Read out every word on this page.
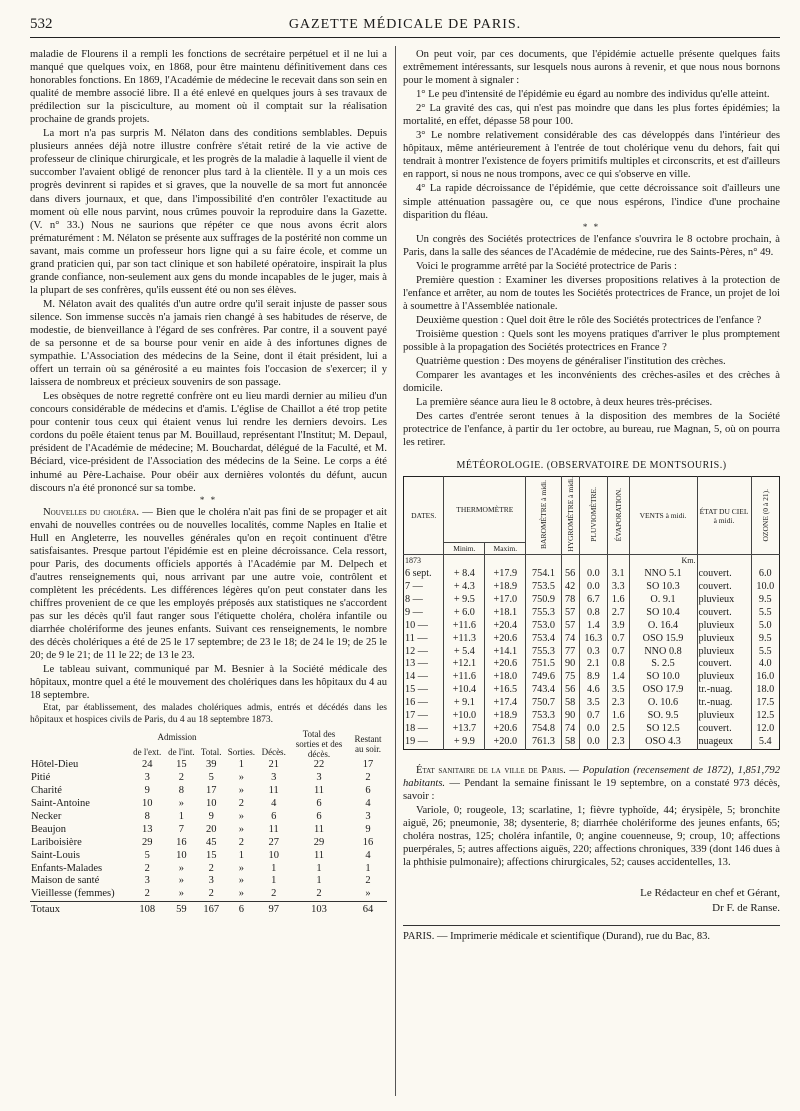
532	GAZETTE MÉDICALE DE PARIS.

maladie de Flourens il a rempli les fonctions de secrétaire perpétuel et il ne lui a manqué que quelques voix, en 1868, pour être maintenu définitivement dans ces honorables fonctions. En 1869, l'Académie de médecine le recevait dans son sein en qualité de membre associé libre. Il a été enlevé en quelques jours à ses travaux de prédilection sur la pisciculture, au moment où il comptait sur la réalisation prochaine de grands projets.

La mort n'a pas surpris M. Nélaton dans des conditions semblables. Depuis plusieurs années déjà notre illustre confrère s'était retiré de la vie active de professeur de clinique chirurgicale, et les progrès de la maladie à laquelle il vient de succomber l'avaient obligé de renoncer plus tard à la clientèle. Il y a un mois ces progrès devinrent si rapides et si graves, que la nouvelle de sa mort fut annoncée dans divers journaux, et que, dans l'impossibilité d'en contrôler l'exactitude au moment où elle nous parvint, nous crûmes pouvoir la reproduire dans la Gazette. (V. n° 33.) Nous ne saurions que répéter ce que nous avons écrit alors prématurément : M. Nélaton se présente aux suffrages de la postérité non comme un savant, mais comme un professeur hors ligne qui a su faire école, et comme un grand praticien qui, par son tact clinique et son habileté opératoire, inspirait la plus grande confiance, non-seulement aux gens du monde incapables de le juger, mais à la plupart de ses confrères, qu'ils eussent été ou non ses élèves.

M. Nélaton avait des qualités d'un autre ordre qu'il serait injuste de passer sous silence. Son immense succès n'a jamais rien changé à ses habitudes de réserve, de modestie, de bienveillance à l'égard de ses confrères. Par contre, il a souvent payé de sa personne et de sa bourse pour venir en aide à des infortunes dignes de sympathie. L'Association des médecins de la Seine, dont il était président, lui a offert un terrain où sa générosité a eu maintes fois l'occasion de s'exercer; il y laissera de nombreux et précieux souvenirs de son passage.

Les obsèques de notre regretté confrère ont eu lieu mardi dernier au milieu d'un concours considérable de médecins et d'amis. L'église de Chaillot a été trop petite pour contenir tous ceux qui étaient venus lui rendre les derniers devoirs. Les cordons du poêle étaient tenus par M. Bouillaud, représentant l'Institut; M. Depaul, président de l'Académie de médecine; M. Bouchardat, délégué de la Faculté, et M. Béciard, vice-président de l'Association des médecins de la Seine. Le corps a été inhumé au Père-Lachaise. Pour obéir aux dernières volontés du défunt, aucun discours n'a été prononcé sur sa tombe.

* *

Nouvelles du choléra. — Bien que le choléra n'ait pas fini de se propager et ait envahi de nouvelles contrées ou de nouvelles localités, comme Naples en Italie et Hull en Angleterre, les nouvelles générales qu'on en reçoit continuent d'être satisfaisantes. Presque partout l'épidémie est en pleine décroissance. Cela ressort, pour Paris, des documents officiels apportés à l'Académie par M. Delpech et d'autres renseignements qui, nous arrivant par une autre voie, contrôlent et complètent les précédents. Les différences légères qu'on peut constater dans les chiffres provenient de ce que les employés préposés aux statistiques ne s'accordent pas sur les décès qu'il faut ranger sous l'étiquette choléra, choléra infantile ou diarrhée cholériforme des jeunes enfants. Suivant ces renseignements, le nombre des décès cholériques a été de 25 le 17 septembre; de 23 le 18; de 24 le 19; de 25 le 20; de 9 le 21; de 11 le 22; de 13 le 23.

Le tableau suivant, communiqué par M. Besnier à la Société médicale des hôpitaux, montre quel a été le mouvement des cholériques dans les hôpitaux du 4 au 18 septembre.

Etat, par établissement, des malades cholériques admis, entrés et décédés dans les hôpitaux et hospices civils de Paris, du 4 au 18 septembre 1873.

	Admission					Total des sorties et des décès.	Restant au soir.
	de l'ext.	de l'int.	Total.	Sorties.	Décès.		
Hôtel-Dieu	24	15	39	1	21	22	17
Pitié	3	2	5	»	3	3	2
Charité	9	8	17	»	11	11	6
Saint-Antoine	10	»	10	2	4	6	4
Necker	8	1	9	»	6	6	3
Beaujon	13	7	20	»	11	11	9
Lariboisière	29	16	45	2	27	29	16
Saint-Louis	5	10	15	1	10	11	4
Enfants-Malades	2	»	2	»	1	1	1
Maison de santé	3	»	3	»	1	1	2
Vieillesse (femmes)	2	»	2	»	2	2	»
Totaux	108	59	167	6	97	103	64

On peut voir, par ces documents, que l'épidémie actuelle présente quelques faits extrêmement intéressants, sur lesquels nous aurons à revenir, et que nous nous bornons pour le moment à signaler :

1° Le peu d'intensité de l'épidémie eu égard au nombre des individus qu'elle atteint.

2° La gravité des cas, qui n'est pas moindre que dans les plus fortes épidémies; la mortalité, en effet, dépasse 58 pour 100.

3° Le nombre relativement considérable des cas développés dans l'intérieur des hôpitaux, même antérieurement à l'entrée de tout cholérique venu du dehors, fait qui tendrait à montrer l'existence de foyers primitifs multiples et circonscrits, et est d'ailleurs en rapport, si nous ne nous trompons, avec ce qui s'observe en ville.

4° La rapide décroissance de l'épidémie, que cette décroissance soit d'ailleurs une simple atténuation passagère ou, ce que nous espérons, l'indice d'une prochaine disparition du fléau.

* *

Un congrès des Sociétés protectrices de l'enfance s'ouvrira le 8 octobre prochain, à Paris, dans la salle des séances de l'Académie de médecine, rue des Saints-Pères, n° 49.

Voici le programme arrêté par la Société protectrice de Paris :

Première question : Examiner les diverses propositions relatives à la protection de l'enfance et arrêter, au nom de toutes les Sociétés protectrices de France, un projet de loi à soumettre à l'Assemblée nationale.

Deuxième question : Quel doit être le rôle des Sociétés protectrices de l'enfance ?

Troisième question : Quels sont les moyens pratiques d'arriver le plus promptement possible à la propagation des Sociétés protectrices en France ?

Quatrième question : Des moyens de généraliser l'institution des crèches.

Comparer les avantages et les inconvénients des crèches-asiles et des crèches à domicile.

La première séance aura lieu le 8 octobre, à deux heures très-précises.

Des cartes d'entrée seront tenues à la disposition des membres de la Société protectrice de l'enfance, à partir du 1er octobre, au bureau, rue Magnan, 5, où on pourra les retirer.

MÉTÉOROLOGIE. (OBSERVATOIRE DE MONTSOURIS.)
DATES.	THERMOMÈTRE		BAROMÈTRE à midi.	HYGROMÈTRE à midi.	PLUVIOMÈTRE.	ÉVAPORATION.	VENTS à midi.	ÉTAT DU CIEL à midi.	OZONE (0 à 21).
	Minim.	Maxim.							
1873							Km.		
6 sept.	+ 8.4	+17.9	754.1	56	0.0	3.1	NNO 5.1	couvert.	6.0
7 —	+ 4.3	+18.9	753.5	42	0.0	3.3	SO 10.3	couvert.	10.0
8 —	+ 9.5	+17.0	750.9	78	6.7	1.6	O. 9.1	pluvieux	9.5
9 —	+ 6.0	+18.1	755.3	57	0.8	2.7	SO 10.4	couvert.	5.5
10 —	+11.6	+20.4	753.0	57	1.4	3.9	O. 16.4	pluvieux	5.0
11 —	+11.3	+20.6	753.4	74	16.3	0.7	OSO 15.9	pluvieux	9.5
12 —	+ 5.4	+14.1	755.3	77	0.3	0.7	NNO 0.8	pluvieux	5.5
13 —	+12.1	+20.6	751.5	90	2.1	0.8	S. 2.5	couvert.	4.0
14 —	+11.6	+18.0	749.6	75	8.9	1.4	SO 10.0	pluvieux	16.0
15 —	+10.4	+16.5	743.4	56	4.6	3.5	OSO 17.9	tr.-nuag.	18.0
16 —	+ 9.1	+17.4	750.7	58	3.5	2.3	O. 10.6	tr.-nuag.	17.5
17 —	+10.0	+18.9	753.3	90	0.7	1.6	SO. 9.5	pluvieux	12.5
18 —	+13.7	+20.6	754.8	74	0.0	2.5	SO 12.5	couvert.	12.0
19 —	+ 9.9	+20.0	761.3	58	0.0	2.3	OSO 4.3	nuageux	5.4

État sanitaire de la ville de Paris. — Population (recensement de 1872), 1,851,792 habitants. — Pendant la semaine finissant le 19 septembre, on a constaté 973 décès, savoir :

Variole, 0; rougeole, 13; scarlatine, 1; fièvre typhoïde, 44; érysipèle, 5; bronchite aiguë, 26; pneumonie, 38; dysenterie, 8; diarrhée cholériforme des jeunes enfants, 65; choléra nostras, 125; choléra infantile, 0; angine couenneuse, 9; croup, 10; affections puerpérales, 5; autres affections aiguës, 220; affections chroniques, 339 (dont 146 dues à la phthisie pulmonaire); affections chirurgicales, 52; causes accidentelles, 13.

Le Rédacteur en chef et Gérant,
Dr F. de Ranse.
PARIS. — Imprimerie médicale et scientifique (Durand), rue du Bac, 83.
